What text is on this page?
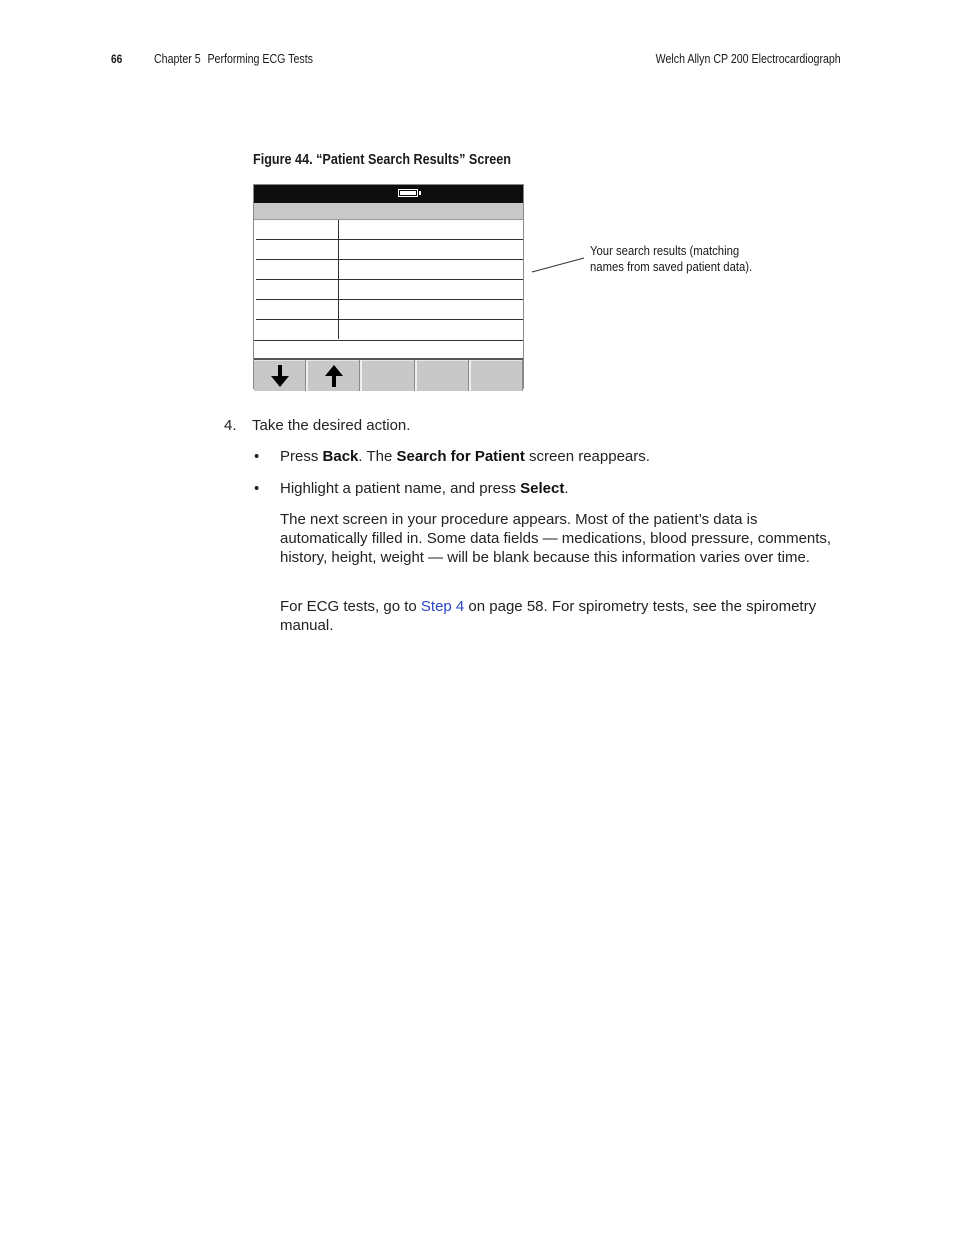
66	Chapter 5 Performing ECG Tests	Welch Allyn CP 200 Electrocardiograph
Figure 44. “Patient Search Results” Screen

Your search results (matching
names from saved patient data).
4. Take the desired action.
• Press Back. The Search for Patient screen reappears.
• Highlight a patient name, and press Select.
The next screen in your procedure appears. Most of the patient’s data is automatically filled in. Some data fields — medications, blood pressure, comments, history, height, weight — will be blank because this information varies over time.
For ECG tests, go to Step 4 on page 58. For spirometry tests, see the spirometry manual.
